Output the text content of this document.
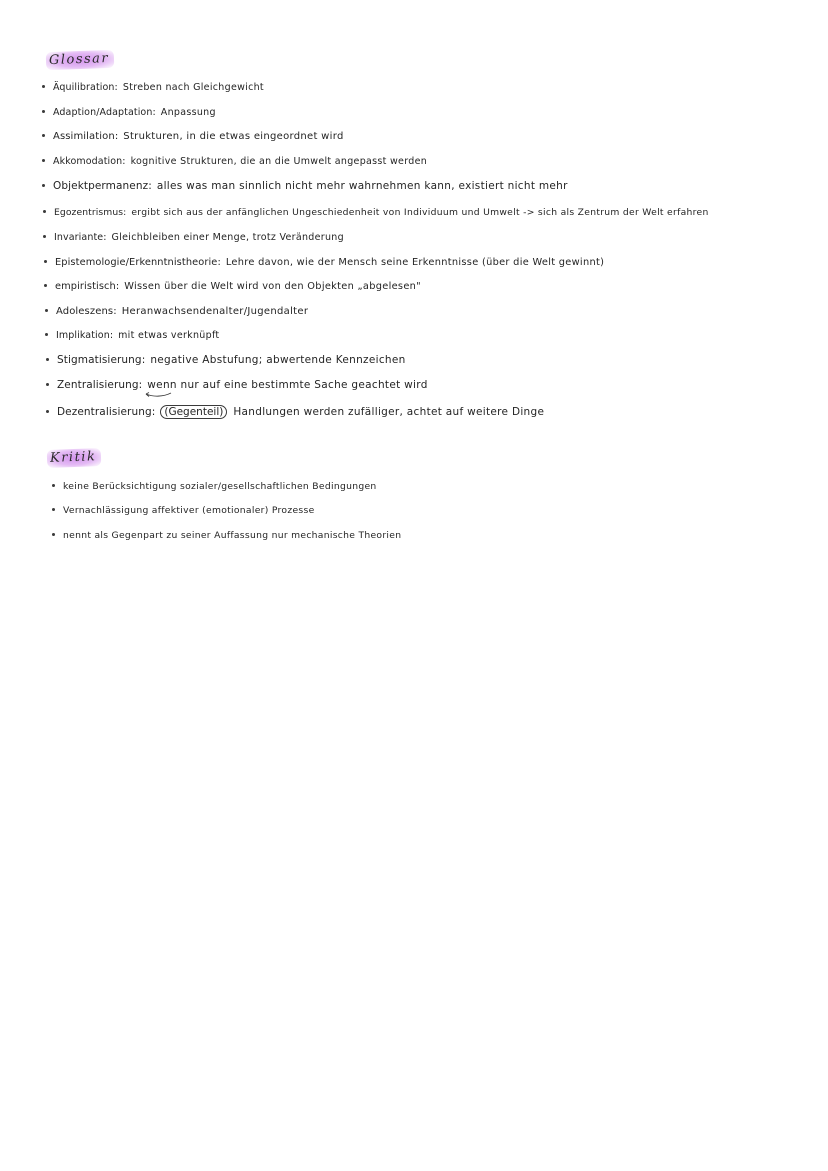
Glossar
Äquilibration: Streben nach Gleichgewicht
Adaption/Adaptation: Anpassung
Assimilation: Strukturen, in die etwas eingeordnet wird
Akkomodation: kognitive Strukturen, die an die Umwelt angepasst werden
Objektpermanenz: alles was man sinnlich nicht mehr wahrnehmen kann, existiert nicht mehr
Egozentrismus: ergibt sich aus der anfänglichen Ungeschiedenheit von Individuum und Umwelt -> sich als Zentrum der Welt erfahren
Invariante: Gleichbleiben einer Menge, trotz Veränderung
Epistemologie/Erkenntnistheorie: Lehre davon, wie der Mensch seine Erkenntnisse (über die Welt gewinnt)
empiristisch: Wissen über die Welt wird von den Objekten „abgelesen"
Adoleszens: Heranwachsendenalter/Jugendalter
Implikation: mit etwas verknüpft
Stigmatisierung: negative Abstufung; abwertende Kennzeichen
Zentralisierung: wenn nur auf eine bestimmte Sache geachtet wird
Dezentralisierung: (Gegenteil) Handlungen werden zufälliger, achtet auf weitere Dinge
Kritik
keine Berücksichtigung sozialer/gesellschaftlichen Bedingungen
Vernachlässigung affektiver (emotionaler) Prozesse
nennt als Gegenpart zu seiner Auffassung nur mechanische Theorien
